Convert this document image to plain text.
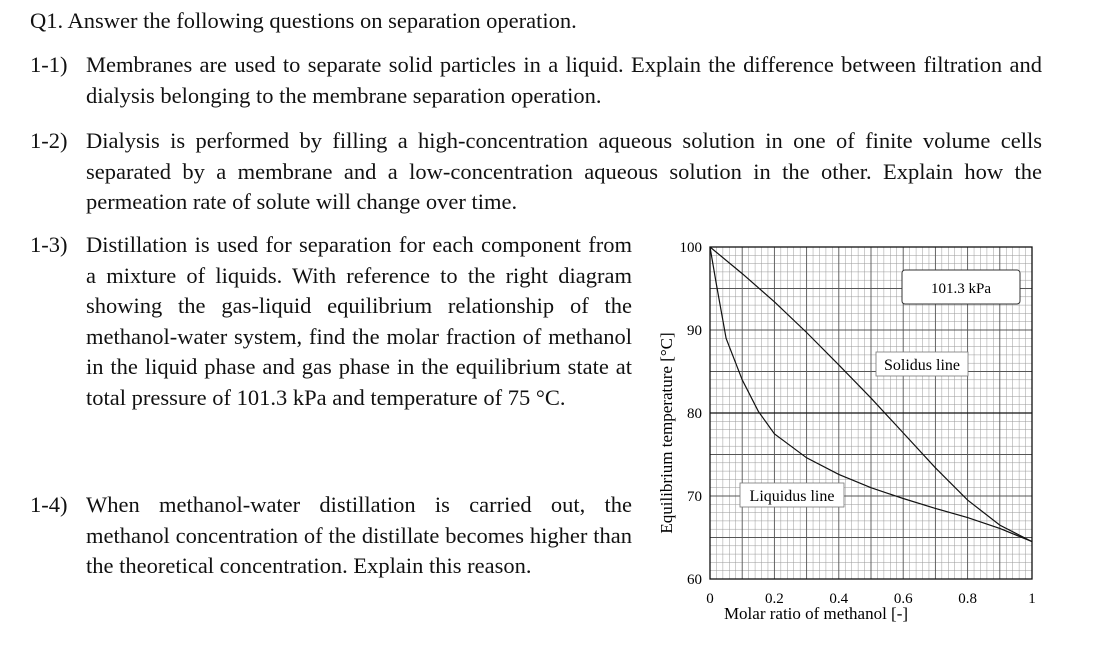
Q1. Answer the following questions on separation operation.
1-1) Membranes are used to separate solid particles in a liquid. Explain the difference between filtration and dialysis belonging to the membrane separation operation.
1-2) Dialysis is performed by filling a high-concentration aqueous solution in one of finite volume cells separated by a membrane and a low-concentration aqueous solution in the other. Explain how the permeation rate of solute will change over time.
1-3) Distillation is used for separation for each component from a mixture of liquids. With reference to the right diagram showing the gas-liquid equilibrium relationship of the methanol-water system, find the molar fraction of methanol in the liquid phase and gas phase in the equilibrium state at total pressure of 101.3 kPa and temperature of 75 °C.
1-4) When methanol-water distillation is carried out, the methanol concentration of the distillate becomes higher than the theoretical concentration. Explain this reason.
0	0.2	0.4	0.6	0.8	1
60
70
80
90
100
101.3 kPa
Solidus line
Liquidus line
Molar ratio of methanol [-]
Equilibrium temperature [°C]
